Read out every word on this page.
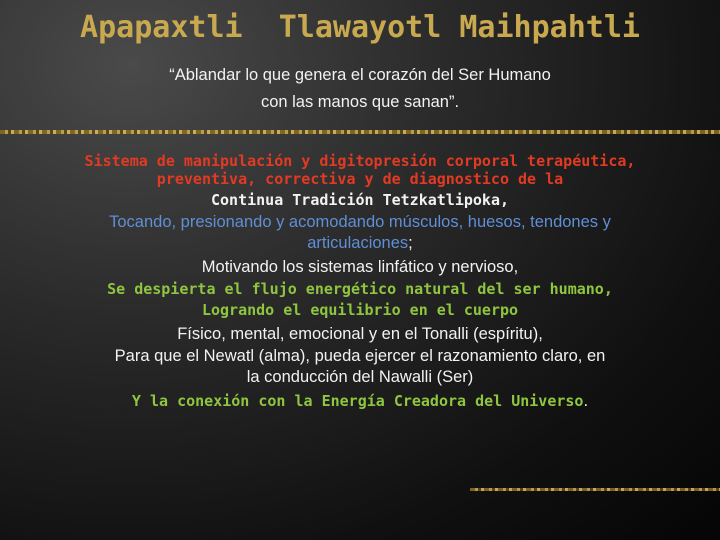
Apapaxtli  Tlawayotl Maihpahtli
“Ablandar lo que genera el corazón del Ser Humano
con las manos que sanan”.
Sistema de manipulación y digitopresión corporal terapéutica,
preventiva, correctiva y de diagnostico de la
Continua Tradición Tetzkatlipoka,
Tocando, presionando y acomodando músculos, huesos, tendones y
articulaciones;
Motivando los sistemas linfático y nervioso,
Se despierta el flujo energético natural del ser humano,
Logrando el equilibrio en el cuerpo
Físico, mental, emocional y en el Tonalli (espíritu),
Para que el Newatl (alma), pueda ejercer el razonamiento claro, en
la conducción del Nawalli (Ser)
Y la conexión con la Energía Creadora del Universo.
